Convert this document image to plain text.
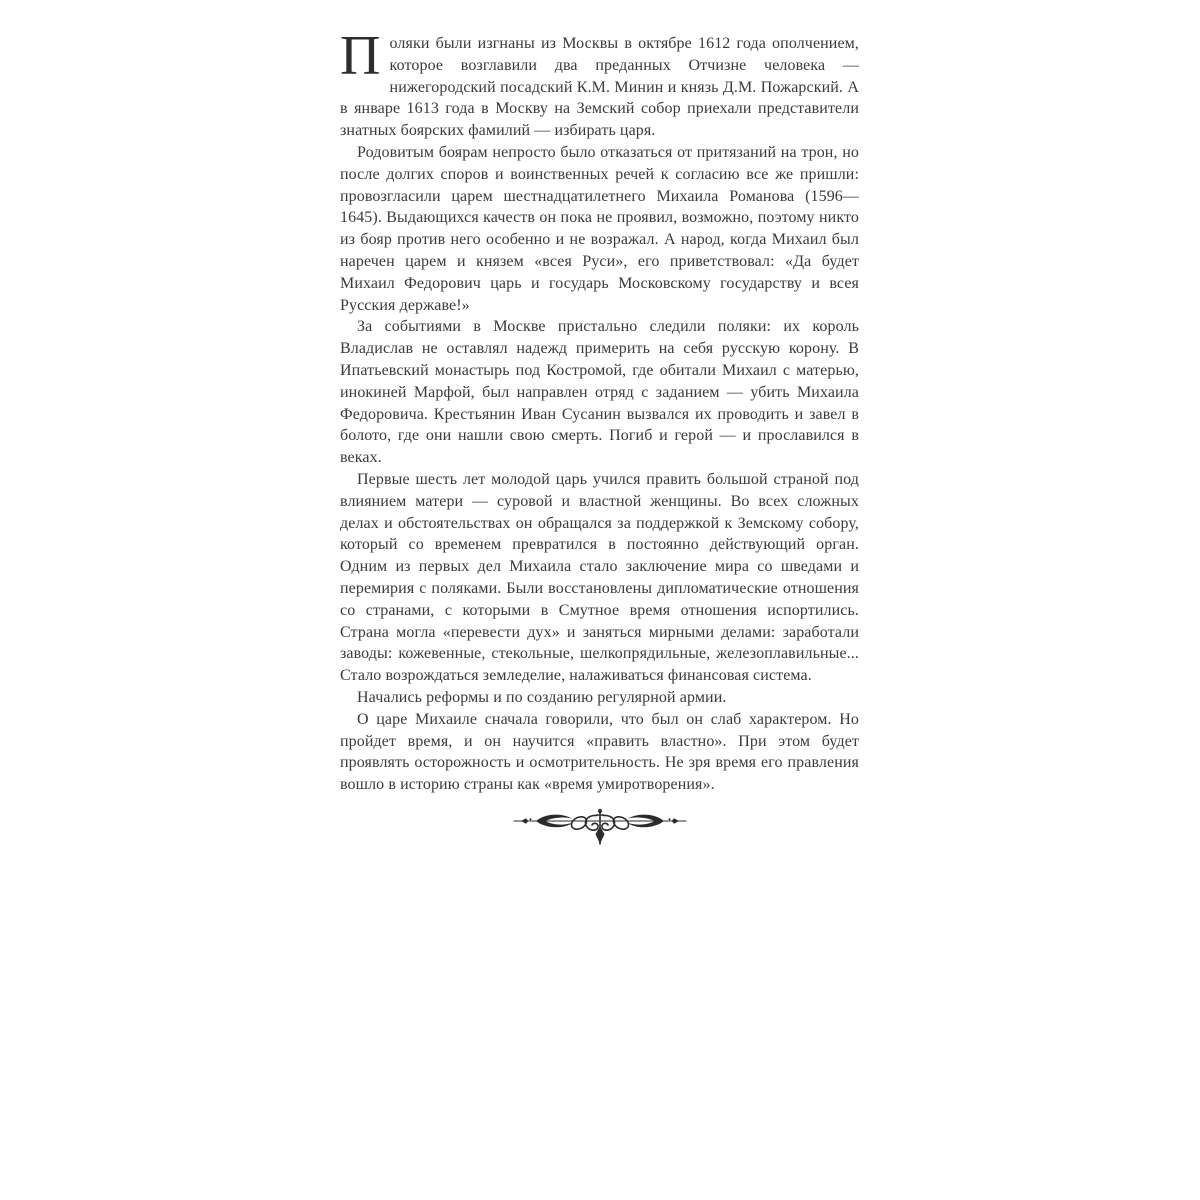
Поляки были изгнаны из Москвы в октябре 1612 года ополчением, которое возглавили два преданных Отчизне человека — нижегородский посадский К.М. Минин и князь Д.М. Пожарский. А в январе 1613 года в Москву на Земский собор приехали представители знатных боярских фамилий — избирать царя.

Родовитым боярам непросто было отказаться от притязаний на трон, но после долгих споров и воинственных речей к согласию все же пришли: провозгласили царем шестнадцатилетнего Михаила Романова (1596—1645). Выдающихся качеств он пока не проявил, возможно, поэтому никто из бояр против него особенно и не возражал. А народ, когда Михаил был наречен царем и князем «всея Руси», его приветствовал: «Да будет Михаил Федорович царь и государь Московскому государству и всея Русския державе!»

За событиями в Москве пристально следили поляки: их король Владислав не оставлял надежд примерить на себя русскую корону. В Ипатьевский монастырь под Костромой, где обитали Михаил с матерью, инокиней Марфой, был направлен отряд с заданием — убить Михаила Федоровича. Крестьянин Иван Сусанин вызвался их проводить и завел в болото, где они нашли свою смерть. Погиб и герой — и прославился в веках.

Первые шесть лет молодой царь учился править большой страной под влиянием матери — суровой и властной женщины. Во всех сложных делах и обстоятельствах он обращался за поддержкой к Земскому собору, который со временем превратился в постоянно действующий орган. Одним из первых дел Михаила стало заключение мира со шведами и перемирия с поляками. Были восстановлены дипломатические отношения со странами, с которыми в Смутное время отношения испортились. Страна могла «перевести дух» и заняться мирными делами: заработали заводы: кожевенные, стекольные, шелкопрядильные, железоплавильные... Стало возрождаться земледелие, налаживаться финансовая система.

Начались реформы и по созданию регулярной армии.

О царе Михаиле сначала говорили, что был он слаб характером. Но пройдет время, и он научится «править властно». При этом будет проявлять осторожность и осмотрительность. Не зря время его правления вошло в историю страны как «время умиротворения».
